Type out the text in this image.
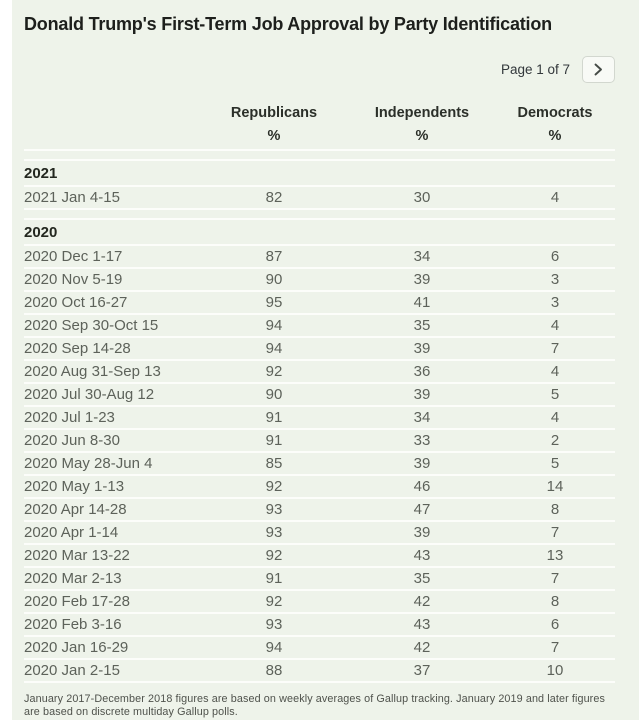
Donald Trump's First-Term Job Approval by Party Identification
Page 1 of 7
Republicans	Independents	Democrats
%	%	%
2021
2021 Jan 4-15	82	30	4
2020
2020 Dec 1-17	87	34	6
2020 Nov 5-19	90	39	3
2020 Oct 16-27	95	41	3
2020 Sep 30-Oct 15	94	35	4
2020 Sep 14-28	94	39	7
2020 Aug 31-Sep 13	92	36	4
2020 Jul 30-Aug 12	90	39	5
2020 Jul 1-23	91	34	4
2020 Jun 8-30	91	33	2
2020 May 28-Jun 4	85	39	5
2020 May 1-13	92	46	14
2020 Apr 14-28	93	47	8
2020 Apr 1-14	93	39	7
2020 Mar 13-22	92	43	13
2020 Mar 2-13	91	35	7
2020 Feb 17-28	92	42	8
2020 Feb 3-16	93	43	6
2020 Jan 16-29	94	42	7
2020 Jan 2-15	88	37	10

January 2017-December 2018 figures are based on weekly averages of Gallup tracking. January 2019 and later figures are based on discrete multiday Gallup polls.
